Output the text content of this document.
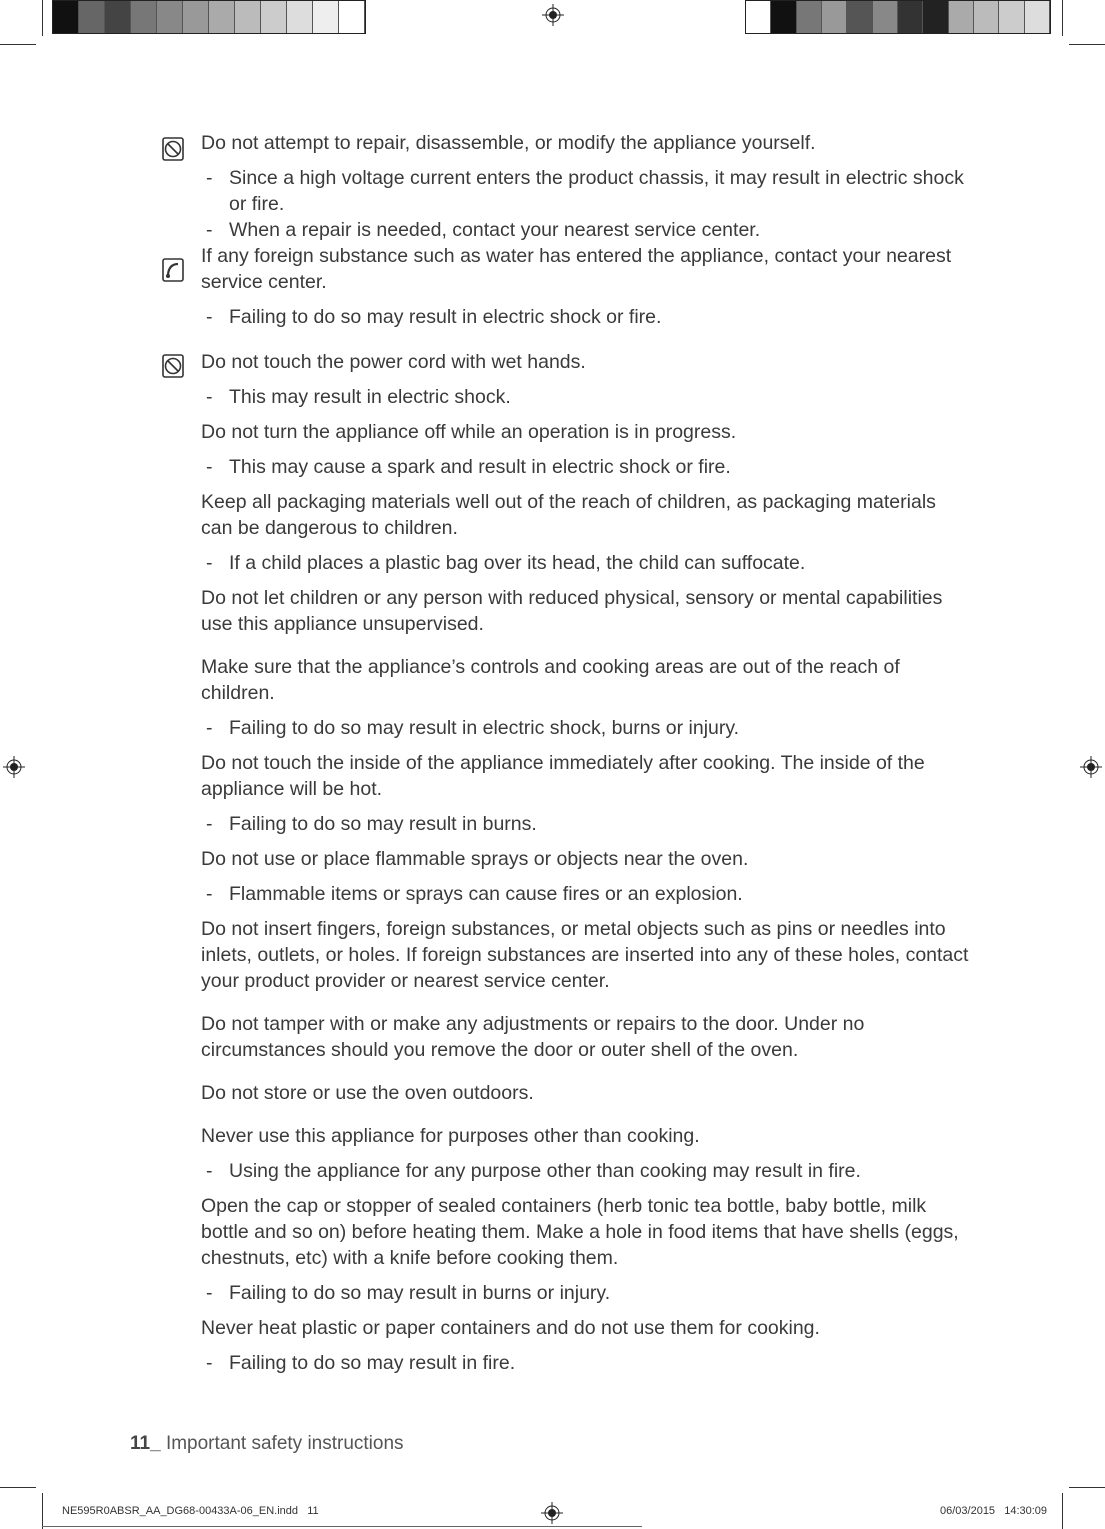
Do not attempt to repair, disassemble, or modify the appliance yourself.

- Since a high voltage current enters the product chassis, it may result in electric shock or fire.

- When a repair is needed, contact your nearest service center.

If any foreign substance such as water has entered the appliance, contact your nearest service center.

- Failing to do so may result in electric shock or fire.

Do not touch the power cord with wet hands.

- This may result in electric shock.

Do not turn the appliance off while an operation is in progress.

- This may cause a spark and result in electric shock or fire.

Keep all packaging materials well out of the reach of children, as packaging materials can be dangerous to children.

- If a child places a plastic bag over its head, the child can suffocate.

Do not let children or any person with reduced physical, sensory or mental capabilities use this appliance unsupervised.

Make sure that the appliance’s controls and cooking areas are out of the reach of children.

- Failing to do so may result in electric shock, burns or injury.

Do not touch the inside of the appliance immediately after cooking. The inside of the appliance will be hot.

- Failing to do so may result in burns.

Do not use or place flammable sprays or objects near the oven.

- Flammable items or sprays can cause fires or an explosion.

Do not insert fingers, foreign substances, or metal objects such as pins or needles into inlets, outlets, or holes. If foreign substances are inserted into any of these holes, contact your product provider or nearest service center.

Do not tamper with or make any adjustments or repairs to the door. Under no circumstances should you remove the door or outer shell of the oven.

Do not store or use the oven outdoors.

Never use this appliance for purposes other than cooking.

- Using the appliance for any purpose other than cooking may result in fire.

Open the cap or stopper of sealed containers (herb tonic tea bottle, baby bottle, milk bottle and so on) before heating them. Make a hole in food items that have shells (eggs, chestnuts, etc) with a knife before cooking them.

- Failing to do so may result in burns or injury.

Never heat plastic or paper containers and do not use them for cooking.

- Failing to do so may result in fire.

11_ Important safety instructions
NE595R0ABSR_AA_DG68-00433A-06_EN.indd   11	06/03/2015   14:30:09
